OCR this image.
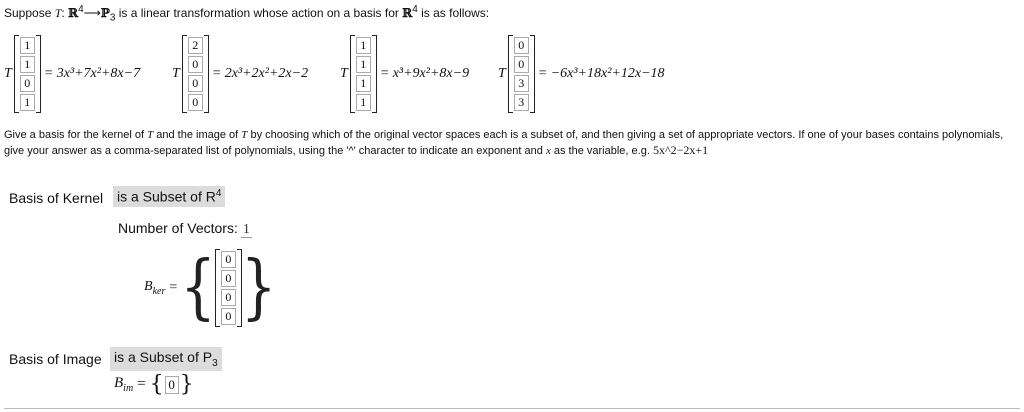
Suppose T: ℝ$^4$⟶ℙ$_3$ is a linear transformation whose action on a basis for ℝ$^4$ is as follows:
T
1
1
0
1
= 3x³+7x²+8x−7 T
2
0
0
0
= 2x³+2x²+2x−2 T
1
1
1
1
= x³+9x²+8x−9 T
0
0
3
3
= −6x³+18x²+12x−18
Give a basis for the kernel of T and the image of T by choosing which of the original vector spaces each is a subset of, and then giving a set of appropriate vectors. If one of your bases contains polynomials, give your answer as a comma-separated list of polynomials, using the '^' character to indicate an exponent and x as the variable, e.g. 5x^2−2x+1
Basis of Kernel is a Subset of $R^4$
Number of Vectors: 1
$B_{ker}$ = { 0
0
0
0 }
Basis of Image is a Subset of $P_3$
$B_{im}$ = { 0 }
